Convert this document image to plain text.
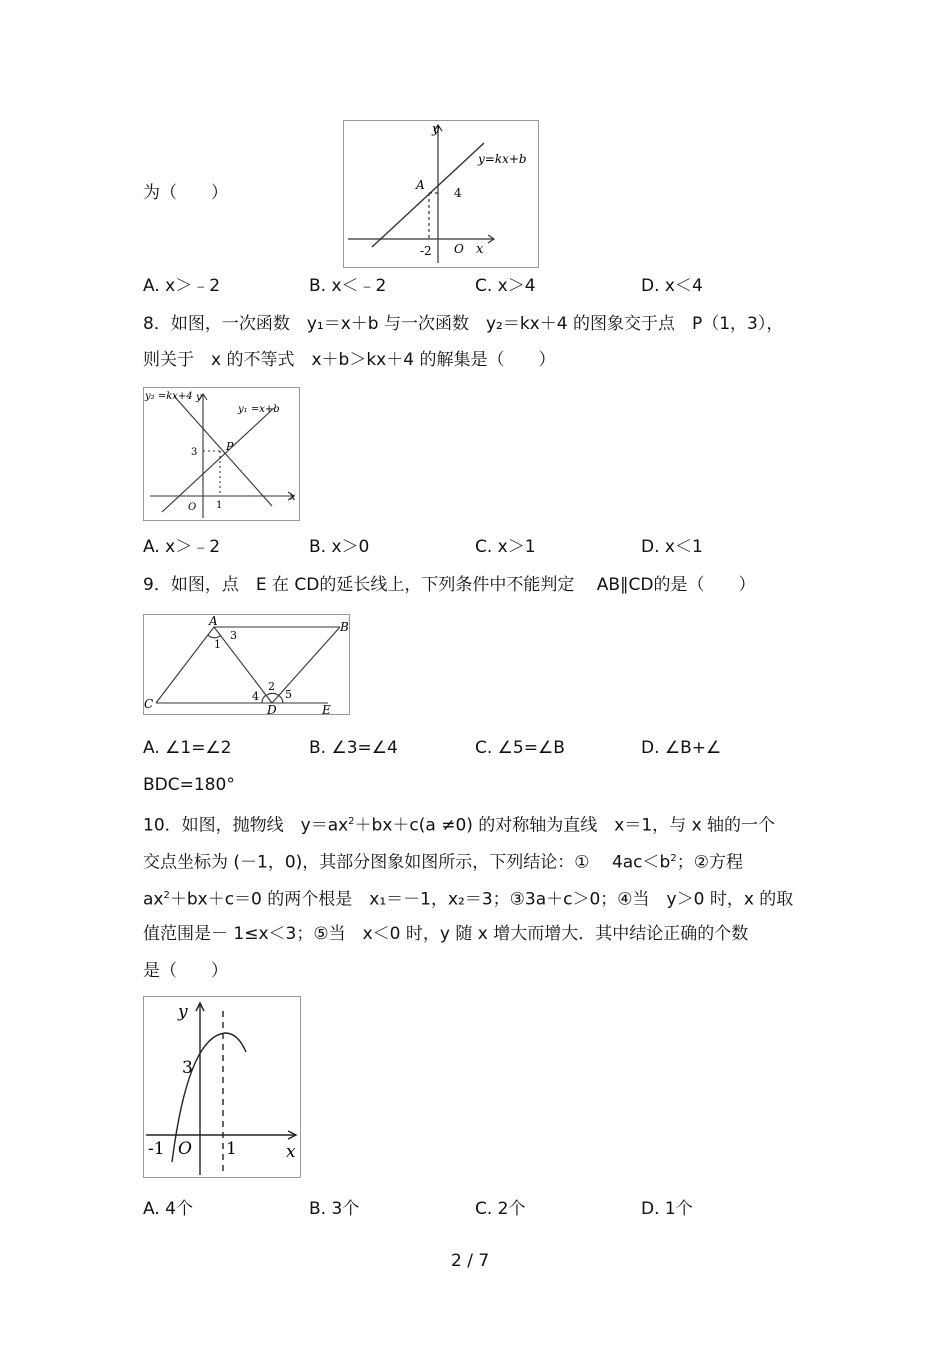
为（　　）
y
x
y=kx+b
A
4
-2 O
A. x＞﹣2	B. x＜﹣2	C. x＞4	D. x＜4
8．如图，一次函数　y₁＝x＋b 与一次函数　y₂＝kx＋4 的图象交于点　P（1，3），
则关于　x 的不等式　x＋b＞kx＋4 的解集是（　　）
y₂ =kx+4 y
y₁ =x+b
P
3
x
O 1
A. x＞﹣2	B. x＞0	C. x＞1	D. x＜1
9．如图，点　E 在 CD的延长线上，下列条件中不能判定　 AB∥CD的是（　　）
A	B
C	D	E
1
3
2
4 5
A. ∠1=∠2	B. ∠3=∠4	C. ∠5=∠B	D. ∠B+∠
BDC=180°
10．如图，抛物线　$y=ax^2+bx+c(a \ne 0)$ 的对称轴为直线　x＝1，与 x 轴的一个
交点坐标为 (－1，0)，其部分图象如图所示，下列结论：①　 $4ac<b^2$；②方程
$ax^2+bx+c=0$ 的两个根是　x₁＝－1，x₂＝3；③3a＋c＞0；④当　y＞0 时，x 的取
值范围是－ 1≤x＜3；⑤当　x＜0 时，y 随 x 增大而增大．其中结论正确的个数
是（　　）
y
x
3
-1 O 1
A. 4个	B. 3个	C. 2个	D. 1个
2 / 7
